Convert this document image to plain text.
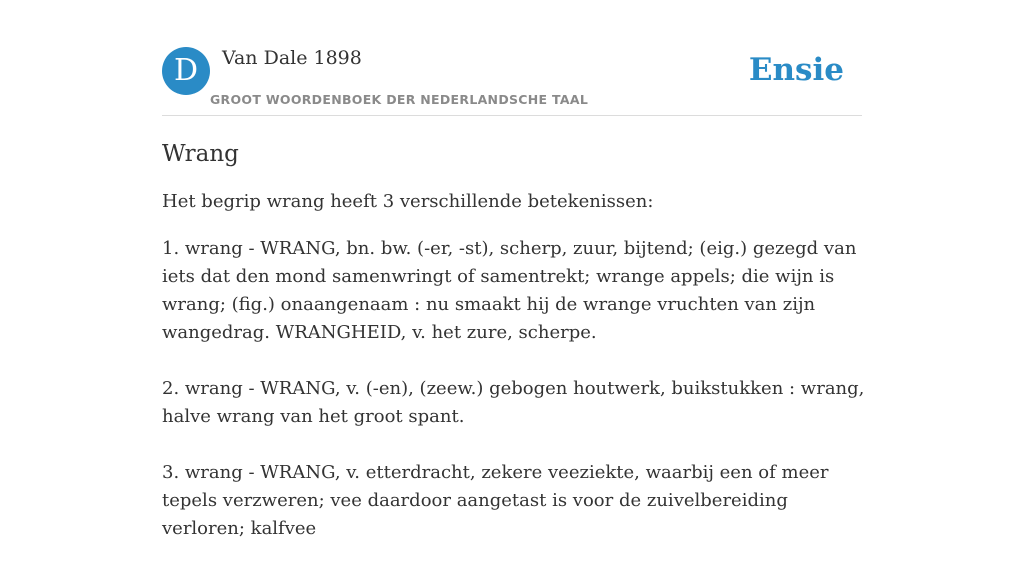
D	Van Dale 1898
GROOT WOORDENBOEK DER NEDERLANDSCHE TAAL
Ensie
Wrang

Het begrip wrang heeft 3 verschillende betekenissen:

1. wrang - WRANG, bn. bw. (-er, -st), scherp, zuur, bijtend; (eig.) gezegd van iets dat den mond samenwringt of samentrekt; wrange appels; die wijn is wrang; (fig.) onaangenaam : nu smaakt hij de wrange vruchten van zijn wangedrag. WRANGHEID, v. het zure, scherpe.

2. wrang - WRANG, v. (-en), (zeew.) gebogen houtwerk, buikstukken : wrang, halve wrang van het groot spant.

3. wrang - WRANG, v. etterdracht, zekere veeziekte, waarbij een of meer tepels verzweren; vee daardoor aangetast is voor de zuivelbereiding verloren; kalfvee
